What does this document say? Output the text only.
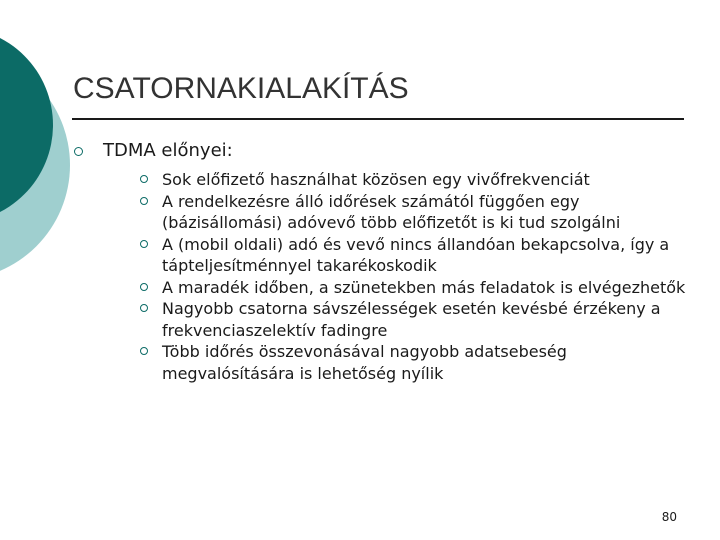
CSATORNAKIALAKÍTÁS
TDMA előnyei:
Sok előfizető használhat közösen egy vivőfrekvenciát
A rendelkezésre álló időrések számától függően egy (bázisállomási) adóvevő több előfizetőt is ki tud szolgálni
A (mobil oldali) adó és vevő nincs állandóan bekapcsolva, így a tápteljesítménnyel takarékoskodik
A maradék időben, a szünetekben más feladatok is elvégezhetők
Nagyobb csatorna sávszélességek esetén kevésbé érzékeny a frekvenciaszelektív fadingre
Több időrés összevonásával nagyobb adatsebeség megvalósítására is lehetőség nyílik
80
